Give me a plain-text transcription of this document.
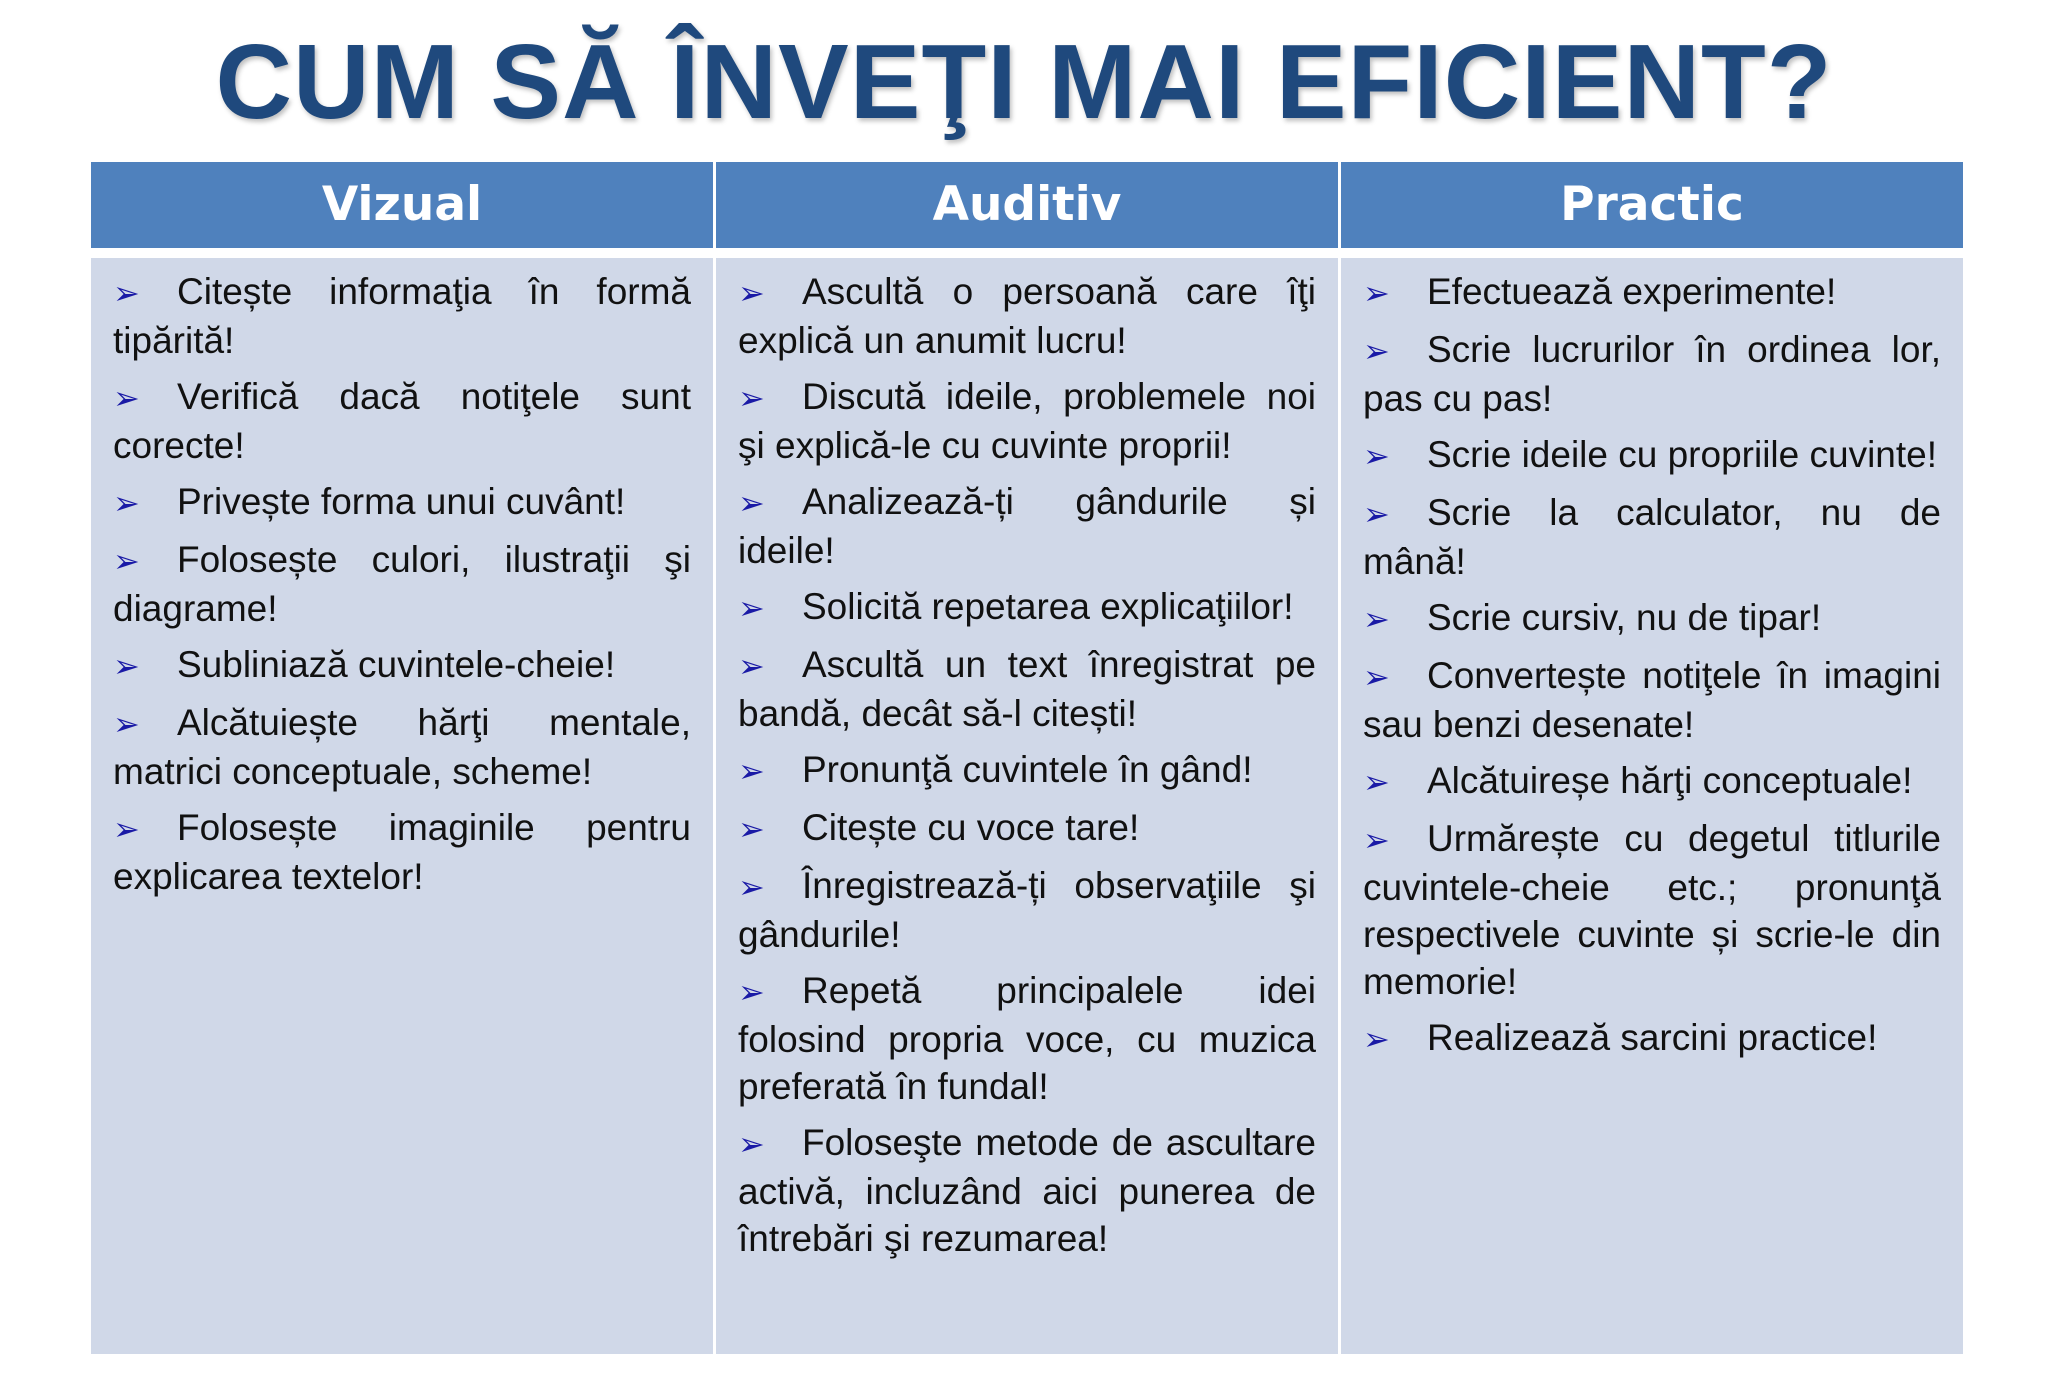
CUM SĂ ÎNVEŢI MAI EFICIENT?
Vizual	Auditiv	Practic
➢ Citește informaţia în formă tipărită!
➢ Verifică dacă notiţele sunt corecte!
➢ Privește forma unui cuvânt!
➢ Folosește culori, ilustraţii şi diagrame!
➢ Subliniază cuvintele-cheie!
➢ Alcătuiește hărţi mentale, matrici conceptuale, scheme!
➢ Folosește imaginile pentru explicarea textelor!
➢ Ascultă o persoană care îţi explică un anumit lucru!
➢ Discută ideile, problemele noi şi explică-le cu cuvinte proprii!
➢ Analizează-ți gândurile și ideile!
➢ Solicită repetarea explicaţiilor!
➢ Ascultă un text înregistrat pe bandă, decât să-l citești!
➢ Pronunţă cuvintele în gând!
➢ Citește cu voce tare!
➢ Înregistrează-ți observaţiile şi gândurile!
➢ Repetă principalele idei folosind propria voce, cu muzica preferată în fundal!
➢ Foloseşte metode de ascultare activă, incluzând aici punerea de întrebări şi rezumarea!
➢ Efectuează experimente!
➢ Scrie lucrurilor în ordinea lor, pas cu pas!
➢ Scrie ideile cu propriile cuvinte!
➢ Scrie la calculator, nu de mână!
➢ Scrie cursiv, nu de tipar!
➢ Convertește notiţele în imagini sau benzi desenate!
➢ Alcătuireșe hărţi conceptuale!
➢ Urmărește cu degetul titlurile cuvintele-cheie etc.; pronunţă respectivele cuvinte și scrie-le din memorie!
➢ Realizează sarcini practice!
